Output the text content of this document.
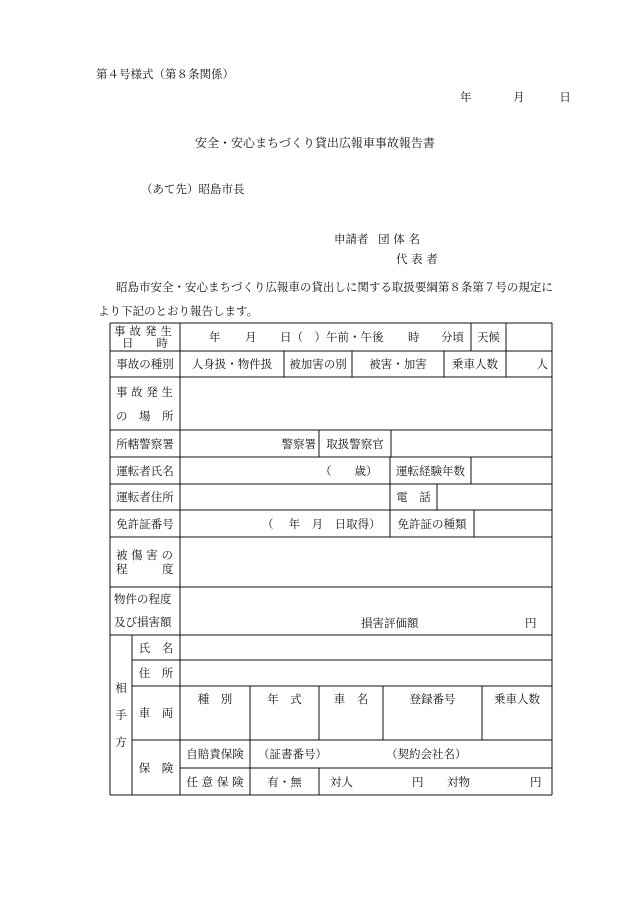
第４号様式（第８条関係）
年	月	日
安全・安心まちづくり貸出広報車事故報告書
（あて先）昭島市長
申請者 団 体 名
代 表 者
昭島市安全・安心まちづくり広報車の貸出しに関する取扱要綱第８条第７号の規定により下記のとおり報告します。
事故発生
日　　時	年 月 日（　） 午前・午後 時 分頃	天候
事故の種別	人身扱・物件扱	被加害の別	被害・加害	乗車人数	人
事 故 発 生
の　場　所
所轄警察署	警察署 取扱警察官
運転者氏名	（　　歳）	運転経験年数
運転者住所	電　話
免許証番号	（　 年　月　日取得）	免許証の種類
被 傷 害 の
程　　　度
物件の程度
及び損害額	損害評価額	円
相
手
方
氏　名
住　所
車　両
種　別	年　式	車　名	登録番号	乗車人数
保　険
自賠責保険	（証書番号）	（契約会社名）
任 意 保 険	有・無	対人	円 対物	円
